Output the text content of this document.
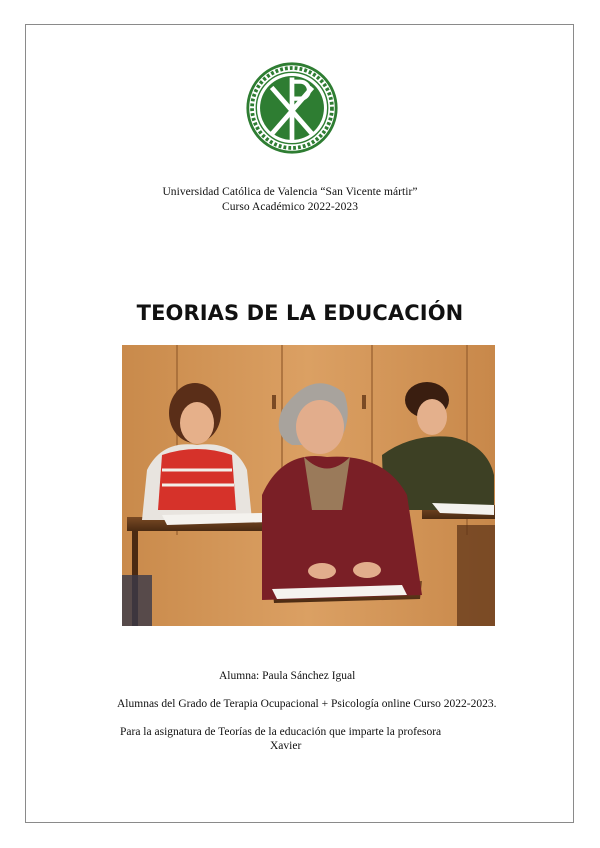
Universidad Católica de Valencia “San Vicente mártir”
Curso Académico 2022-2023
TEORIAS DE LA EDUCACIÓN
Alumna: Paula Sánchez Igual
Alumnas del Grado de Terapia Ocupacional + Psicología online Curso 2022-2023.
Para la asignatura de Teorías de la educación que imparte la profesora
Xavier
